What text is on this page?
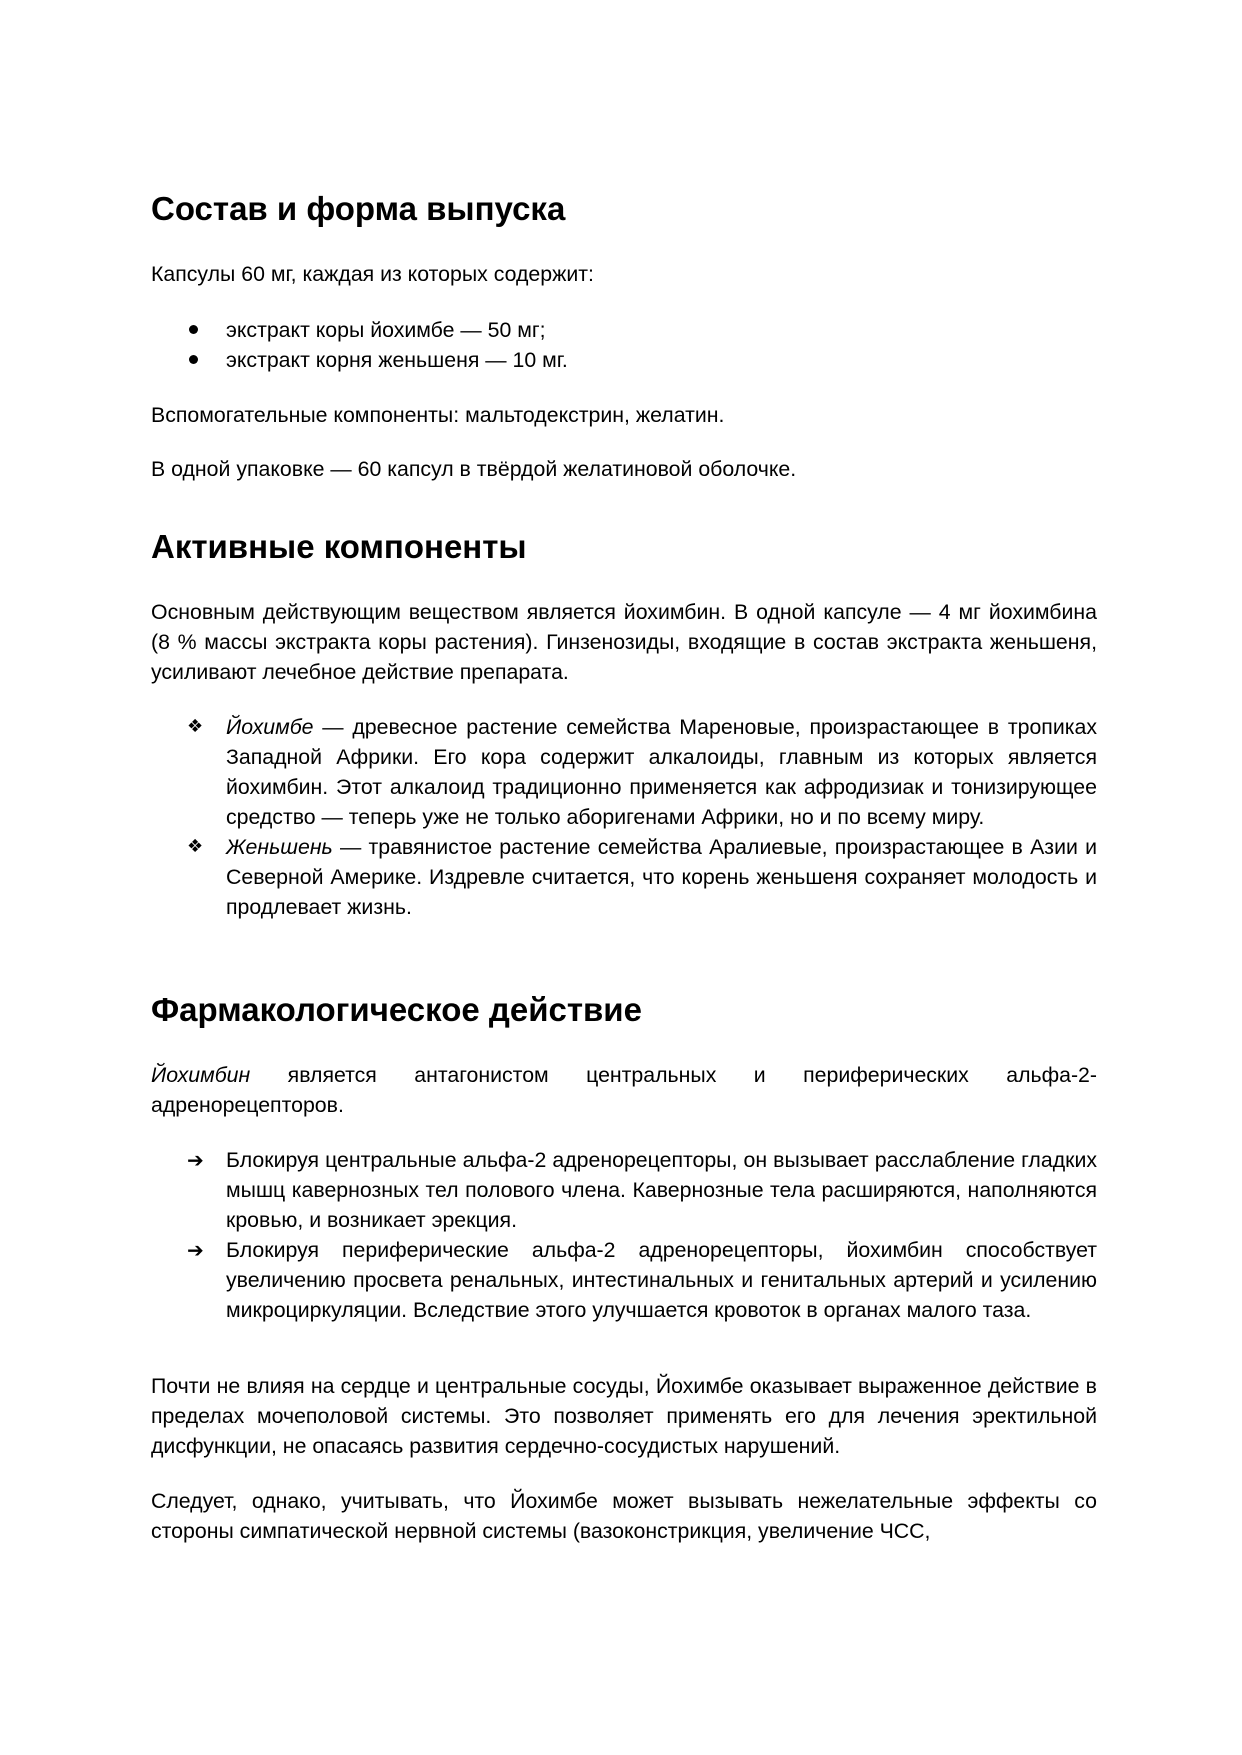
Состав и форма выпуска

Капсулы 60 мг, каждая из которых содержит:

экстракт коры йохимбе — 50 мг;
экстракт корня женьшеня — 10 мг.

Вспомогательные компоненты: мальтодекстрин, желатин.

В одной упаковке — 60 капсул в твёрдой желатиновой оболочке.

Активные компоненты

Основным действующим веществом является йохимбин. В одной капсуле — 4 мг йохимбина (8 % массы экстракта коры растения). Гинзенозиды, входящие в состав экстракта женьшеня, усиливают лечебное действие препарата.

❖	Йохимбе — древесное растение семейства Мареновые, произрастающее в тропиках Западной Африки. Его кора содержит алкалоиды, главным из которых является йохимбин. Этот алкалоид традиционно применяется как афродизиак и тонизирующее средство — теперь уже не только аборигенами Африки, но и по всему миру.
❖	Женьшень — травянистое растение семейства Аралиевые, произрастающее в Азии и Северной Америке. Издревле считается, что корень женьшеня сохраняет молодость и продлевает жизнь.
Фармакологическое действие

Йохимбин является антагонистом центральных и периферических альфа-2-адренорецепторов.

➔	Блокируя центральные альфа-2 адренорецепторы, он вызывает расслабление гладких мышц кавернозных тел полового члена. Кавернозные тела расширяются, наполняются кровью, и возникает эрекция.
➔	Блокируя периферические альфа-2 адренорецепторы, йохимбин способствует увеличению просвета ренальных, интестинальных и генитальных артерий и усилению микроциркуляции. Вследствие этого улучшается кровоток в органах малого таза.

Почти не влияя на сердце и центральные сосуды, Йохимбе оказывает выраженное действие в пределах мочеполовой системы. Это позволяет применять его для лечения эректильной дисфункции, не опасаясь развития сердечно-сосудистых нарушений.

Следует, однако, учитывать, что Йохимбе может вызывать нежелательные эффекты со стороны симпатической нервной системы (вазоконстрикция, увеличение ЧСС,
